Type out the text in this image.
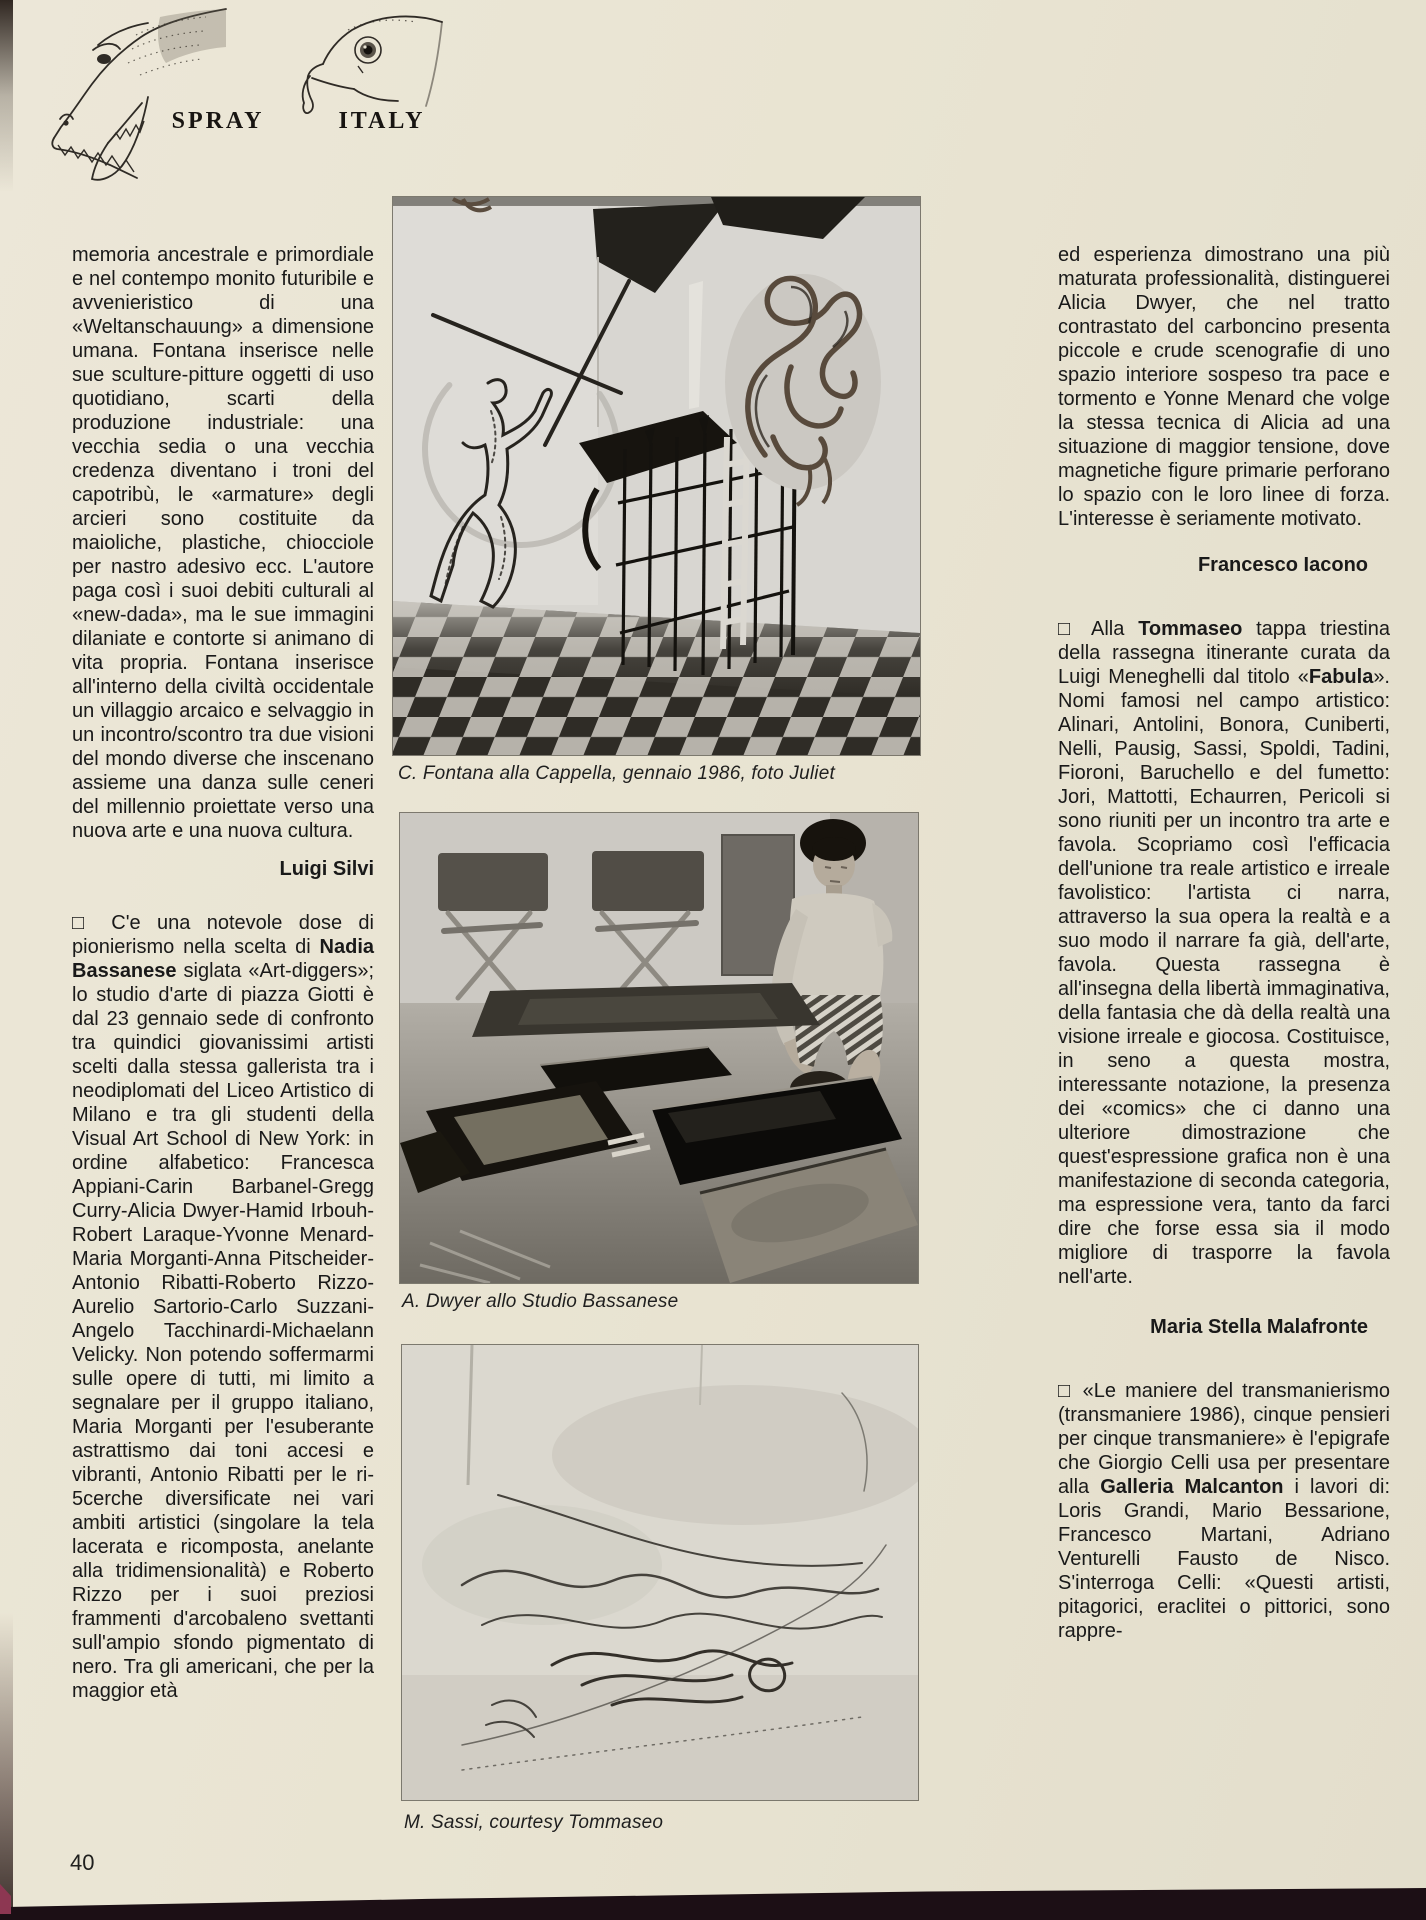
SPRAY	ITALY

memoria ancestrale e primordiale e nel contempo monito futuribile e avvenieristico di una «Weltanschauung» a dimensione umana. Fontana inserisce nelle sue sculture-pitture oggetti di uso quotidiano, scarti della produzione industriale: una vecchia sedia o una vecchia credenza diventano i troni del capotribù, le «armature» degli arcieri sono costituite da maioliche, plastiche, chiocciole per nastro adesivo ecc. L'autore paga così i suoi debiti culturali al «new-dada», ma le sue immagini dilaniate e contorte si animano di vita propria. Fontana inserisce all'interno della civiltà occidentale un villaggio arcaico e selvaggio in un incontro/scontro tra due visioni del mondo diverse che inscenano assieme una danza sulle ceneri del millennio proiettate verso una nuova arte e una nuova cultura.

Luigi Silvi

□ C'e una notevole dose di pionierismo nella scelta di Nadia Bassanese siglata «Art-diggers»; lo studio d'arte di piazza Giotti è dal 23 gennaio sede di confronto tra quindici giovanissimi artisti scelti dalla stessa gallerista tra i neodiplomati del Liceo Artistico di Milano e tra gli studenti della Visual Art School di New York: in ordine alfabetico: Francesca Appiani-Carin Barbanel-Gregg Curry-Alicia Dwyer-Hamid Irbouh-Robert Laraque-Yvonne Menard-Maria Morganti-Anna Pitscheider-Antonio Ribatti-Roberto Rizzo-Aurelio Sartorio-Carlo Suzzani-Angelo Tacchinardi-Michaelann Velicky. Non potendo soffermarmi sulle opere di tutti, mi limito a segnalare per il gruppo italiano, Maria Morganti per l'esuberante astrattismo dai toni accesi e vibranti, Antonio Ribatti per le ri-5cerche diversificate nei vari ambiti artistici (singolare la tela lacerata e ricomposta, anelante alla tridimensionalità) e Roberto Rizzo per i suoi preziosi frammenti d'arcobaleno svettanti sull'ampio sfondo pigmentato di nero. Tra gli americani, che per la maggior età

ed esperienza dimostrano una più maturata professionalità, distinguerei Alicia Dwyer, che nel tratto contrastato del carboncino presenta piccole e crude scenografie di uno spazio interiore sospeso tra pace e tormento e Yonne Menard che volge la stessa tecnica di Alicia ad una situazione di maggior tensione, dove magnetiche figure primarie perforano lo spazio con le loro linee di forza. L'interesse è seriamente motivato.

Francesco Iacono

□ Alla Tommaseo tappa triestina della rassegna itinerante curata da Luigi Meneghelli dal titolo «Fabula». Nomi famosi nel campo artistico: Alinari, Antolini, Bonora, Cuniberti, Nelli, Pausig, Sassi, Spoldi, Tadini, Fioroni, Baruchello e del fumetto: Jori, Mattotti, Echaurren, Pericoli si sono riuniti per un incontro tra arte e favola. Scopriamo così l'efficacia dell'unione tra reale artistico e irreale favolistico: l'artista ci narra, attraverso la sua opera la realtà e a suo modo il narrare fa già, dell'arte, favola. Questa rassegna è all'insegna della libertà immaginativa, della fantasia che dà della realtà una visione irreale e giocosa. Costituisce, in seno a questa mostra, interessante notazione, la presenza dei «comics» che ci danno una ulteriore dimostrazione che quest'espressione grafica non è una manifestazione di seconda categoria, ma espressione vera, tanto da farci dire che forse essa sia il modo migliore di trasporre la favola nell'arte.

Maria Stella Malafronte

□ «Le maniere del transmanierismo (transmaniere 1986), cinque pensieri per cinque transmaniere» è l'epigrafe che Giorgio Celli usa per presentare alla Galleria Malcanton i lavori di: Loris Grandi, Mario Bessarione, Francesco Martani, Adriano Venturelli Fausto de Nisco. S'interroga Celli: «Questi artisti, pitagorici, eraclitei o pittorici, sono rappre-

C. Fontana alla Cappella, gennaio 1986, foto Juliet
A. Dwyer allo Studio Bassanese
M. Sassi, courtesy Tommaseo
40
